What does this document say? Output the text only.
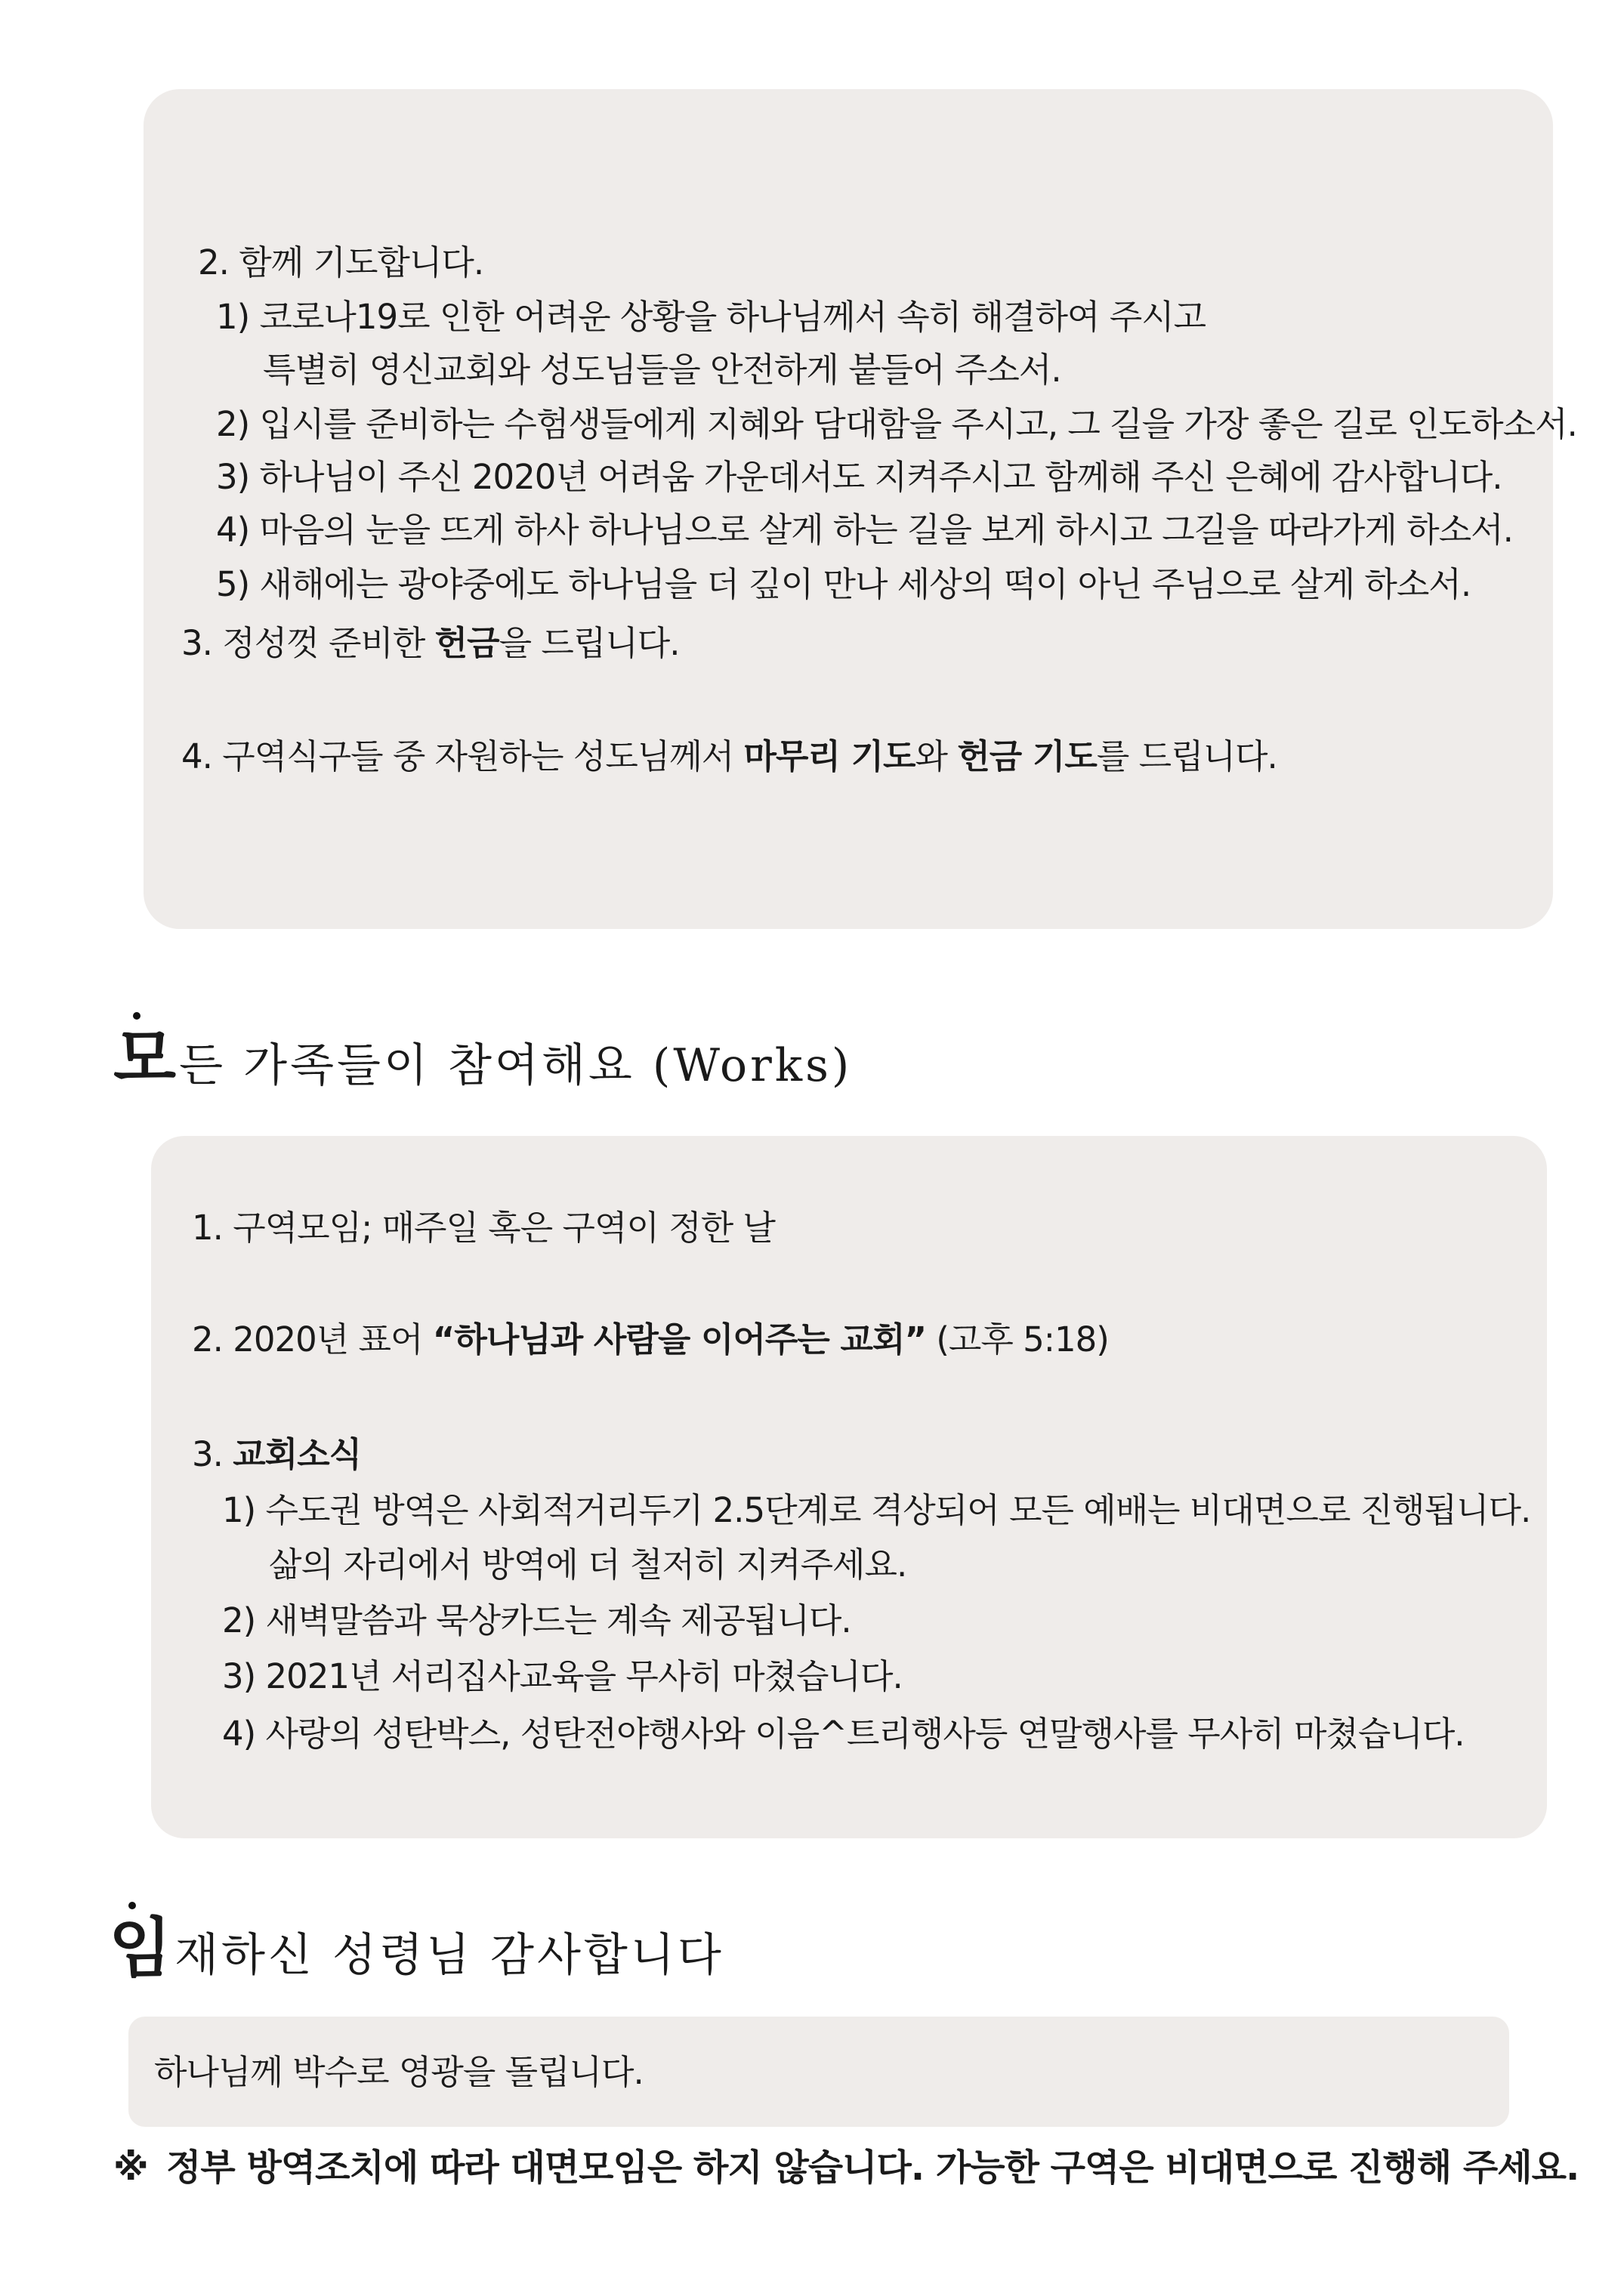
2. 함께 기도합니다.
1) 코로나19로 인한 어려운 상황을 하나님께서 속히 해결하여 주시고
특별히 영신교회와 성도님들을 안전하게 붙들어 주소서.
2) 입시를 준비하는 수험생들에게 지혜와 담대함을 주시고, 그 길을 가장 좋은 길로 인도하소서.
3) 하나님이 주신 2020년 어려움 가운데서도 지켜주시고 함께해 주신 은혜에 감사합니다.
4) 마음의 눈을 뜨게 하사 하나님으로 살게 하는 길을 보게 하시고 그길을 따라가게 하소서.
5) 새해에는 광야중에도 하나님을 더 깊이 만나 세상의 떡이 아닌 주님으로 살게 하소서.
3. 정성껏 준비한 헌금을 드립니다.
4. 구역식구들 중 자원하는 성도님께서 마무리 기도와 헌금 기도를 드립니다.
모든 가족들이 참여해요 (Works)
1. 구역모임; 매주일 혹은 구역이 정한 날
2. 2020년 표어 “하나님과 사람을 이어주는 교회” (고후 5:18)
3. 교회소식
1) 수도권 방역은 사회적거리두기 2.5단계로 격상되어 모든 예배는 비대면으로 진행됩니다.
삶의 자리에서 방역에 더 철저히 지켜주세요.
2) 새벽말씀과 묵상카드는 계속 제공됩니다.
3) 2021년 서리집사교육을 무사히 마쳤습니다.
4) 사랑의 성탄박스, 성탄전야행사와 이음^트리행사등 연말행사를 무사히 마쳤습니다.
임재하신 성령님 감사합니다
하나님께 박수로 영광을 돌립니다.
※ 정부 방역조치에 따라 대면모임은 하지 않습니다. 가능한 구역은 비대면으로 진행해 주세요.
